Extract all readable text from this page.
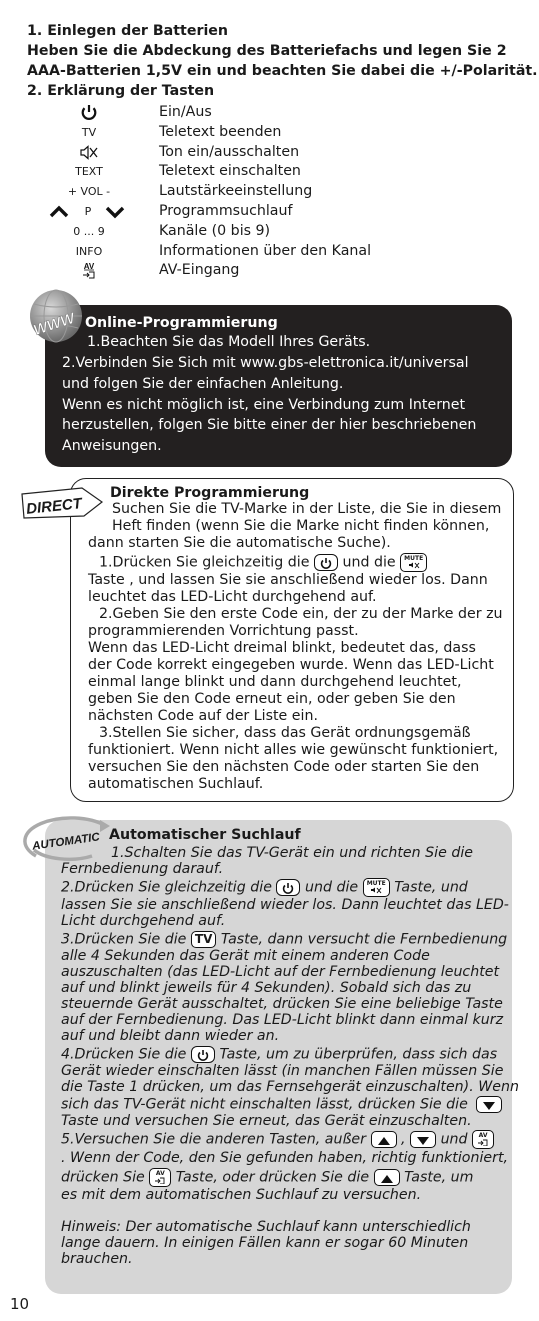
1. Einlegen der Batterien
Heben Sie die Abdeckung des Batteriefachs und legen Sie 2
AAA-Batterien 1,5V ein und beachten Sie dabei die +/-Polarität.
2. Erklärung der Tasten
Ein/Aus
TV	Teletext beenden
Ton ein/ausschalten
TEXT	Teletext einschalten
+ VOL -	Lautstärkeeinstellung
P	Programmsuchlauf
0 ... 9	Kanäle (0 bis 9)
INFO	Informationen über den Kanal
AV	AV-Eingang
Online-Programmierung

1.Beachten Sie das Modell Ihres Geräts.

2.Verbinden Sie Sich mit www.gbs-elettronica.it/universal

und folgen Sie der einfachen Anleitung.

Wenn es nicht möglich ist, eine Verbindung zum Internet

herzustellen, folgen Sie bitte einer der hier beschriebenen

Anweisungen.

WWW
Direkte Programmierung

Suchen Sie die TV-Marke in der Liste, die Sie in diesem

Heft finden (wenn Sie die Marke nicht finden können,

dann starten Sie die automatische Suche).

1.Drücken Sie gleichzeitig die und die MUTE

Taste , und lassen Sie sie anschließend wieder los. Dann

leuchtet das LED-Licht durchgehend auf.

2.Geben Sie den erste Code ein, der zu der Marke der zu

programmierenden Vorrichtung passt.

Wenn das LED-Licht dreimal blinkt, bedeutet das, dass

der Code korrekt eingegeben wurde. Wenn das LED-Licht

einmal lange blinkt und dann durchgehend leuchtet,

geben Sie den Code erneut ein, oder geben Sie den

nächsten Code auf der Liste ein.

3.Stellen Sie sicher, dass das Gerät ordnungsgemäß

funktioniert. Wenn nicht alles wie gewünscht funktioniert,

versuchen Sie den nächsten Code oder starten Sie den

automatischen Suchlauf.

DIRECT
Automatischer Suchlauf

1.Schalten Sie das TV-Gerät ein und richten Sie die

Fernbedienung darauf.

2.Drücken Sie gleichzeitig die und die MUTE Taste, und

lassen Sie sie anschließend wieder los. Dann leuchtet das LED-

Licht durchgehend auf.

3.Drücken Sie die TV Taste, dann versucht die Fernbedienung

alle 4 Sekunden das Gerät mit einem anderen Code

auszuschalten (das LED-Licht auf der Fernbedienung leuchtet

auf und blinkt jeweils für 4 Sekunden). Sobald sich das zu

steuernde Gerät ausschaltet, drücken Sie eine beliebige Taste

auf der Fernbedienung. Das LED-Licht blinkt dann einmal kurz

auf und bleibt dann wieder an.

4.Drücken Sie die Taste, um zu überprüfen, dass sich das

Gerät wieder einschalten lässt (in manchen Fällen müssen Sie

die Taste 1 drücken, um das Fernsehgerät einzuschalten). Wenn

sich das TV-Gerät nicht einschalten lässt, drücken Sie die

Taste und versuchen Sie erneut, das Gerät einzuschalten.

5.Versuchen Sie die anderen Tasten, außer , und AV

. Wenn der Code, den Sie gefunden haben, richtig funktioniert,

drücken Sie AV Taste, oder drücken Sie die Taste, um

es mit dem automatischen Suchlauf zu versuchen.

Hinweis: Der automatische Suchlauf kann unterschiedlich

lange dauern. In einigen Fällen kann er sogar 60 Minuten

brauchen.

AUTOMATIC
10
